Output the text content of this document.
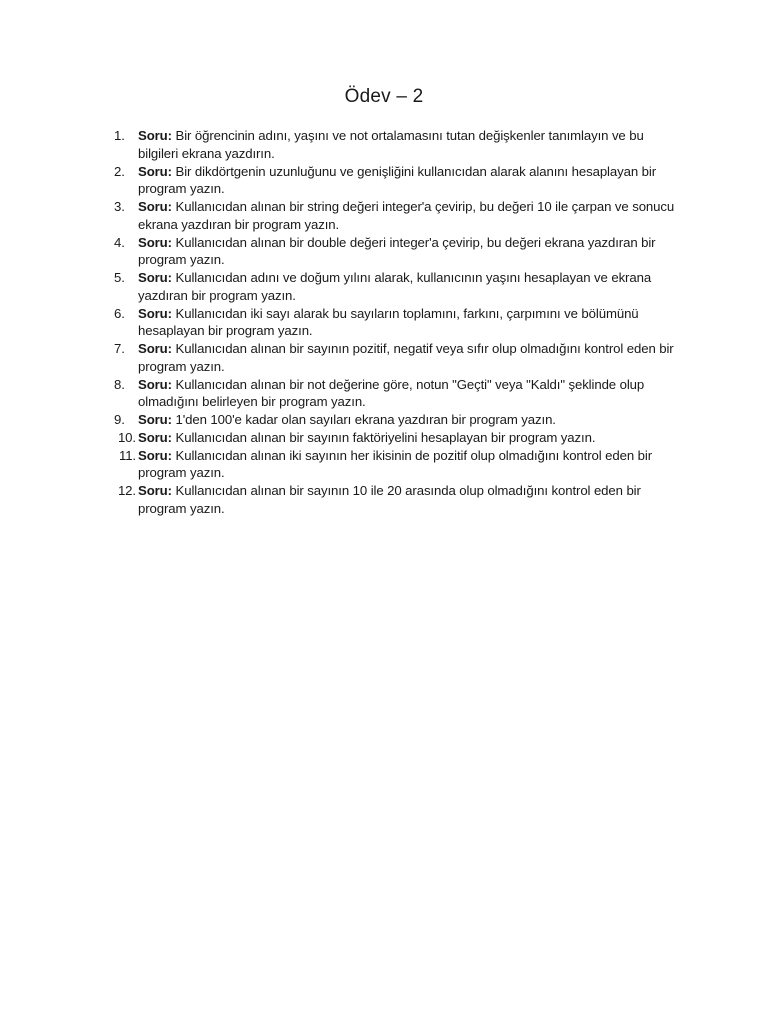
Ödev – 2
1. Soru: Bir öğrencinin adını, yaşını ve not ortalamasını tutan değişkenler tanımlayın ve bu bilgileri ekrana yazdırın.
2. Soru: Bir dikdörtgenin uzunluğunu ve genişliğini kullanıcıdan alarak alanını hesaplayan bir program yazın.
3. Soru: Kullanıcıdan alınan bir string değeri integer'a çevirip, bu değeri 10 ile çarpan ve sonucu ekrana yazdıran bir program yazın.
4. Soru: Kullanıcıdan alınan bir double değeri integer'a çevirip, bu değeri ekrana yazdıran bir program yazın.
5. Soru: Kullanıcıdan adını ve doğum yılını alarak, kullanıcının yaşını hesaplayan ve ekrana yazdıran bir program yazın.
6. Soru: Kullanıcıdan iki sayı alarak bu sayıların toplamını, farkını, çarpımını ve bölümünü hesaplayan bir program yazın.
7. Soru: Kullanıcıdan alınan bir sayının pozitif, negatif veya sıfır olup olmadığını kontrol eden bir program yazın.
8. Soru: Kullanıcıdan alınan bir not değerine göre, notun "Geçti" veya "Kaldı" şeklinde olup olmadığını belirleyen bir program yazın.
9. Soru: 1'den 100'e kadar olan sayıları ekrana yazdıran bir program yazın.
10. Soru: Kullanıcıdan alınan bir sayının faktöriyelini hesaplayan bir program yazın.
11. Soru: Kullanıcıdan alınan iki sayının her ikisinin de pozitif olup olmadığını kontrol eden bir program yazın.
12. Soru: Kullanıcıdan alınan bir sayının 10 ile 20 arasında olup olmadığını kontrol eden bir program yazın.
